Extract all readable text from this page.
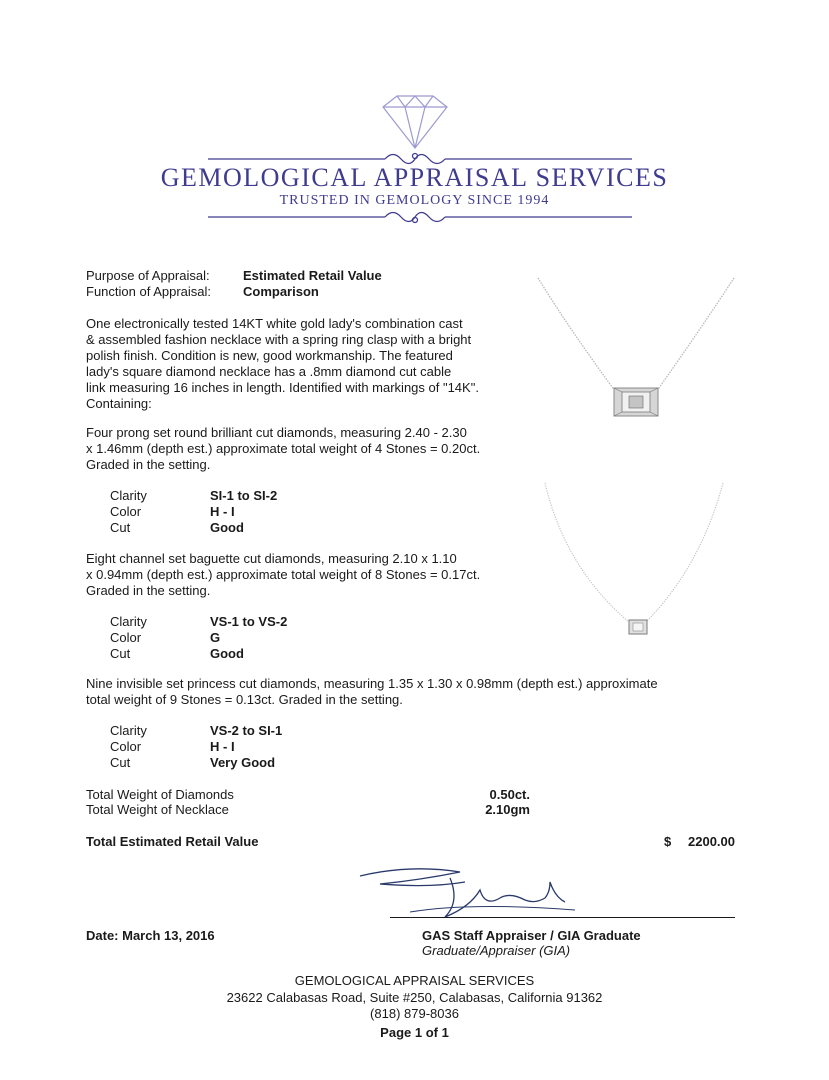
GEMOLOGICAL APPRAISAL SERVICES
TRUSTED IN GEMOLOGY SINCE 1994
Purpose of Appraisal:	Estimated Retail Value
Function of Appraisal: Comparison
One electronically tested 14KT white gold lady's combination cast
& assembled fashion necklace with a spring ring clasp with a bright
polish finish. Condition is new, good workmanship. The featured
lady's square diamond necklace has a .8mm diamond cut cable
link measuring 16 inches in length. Identified with markings of "14K".
Containing:
Four prong set round brilliant cut diamonds, measuring 2.40 - 2.30
x 1.46mm (depth est.) approximate total weight of 4 Stones = 0.20ct.
Graded in the setting.
Clarity	SI-1 to SI-2
Color	H - I
Cut	Good
Eight channel set baguette cut diamonds, measuring 2.10 x 1.10
x 0.94mm (depth est.) approximate total weight of 8 Stones = 0.17ct.
Graded in the setting.
Clarity	VS-1 to VS-2
Color	G
Cut	Good
Nine invisible set princess cut diamonds, measuring 1.35 x 1.30 x 0.98mm (depth est.) approximate
total weight of 9 Stones = 0.13ct. Graded in the setting.
Clarity	VS-2 to SI-1
Color	H - I
Cut	Very Good
Total Weight of Diamonds	0.50ct.
Total Weight of Necklace	2.10gm
Total Estimated Retail Value	$	2200.00
Date: March 13, 2016	GAS Staff Appraiser / GIA Graduate
Graduate/Appraiser (GIA)
GEMOLOGICAL APPRAISAL SERVICES
23622 Calabasas Road, Suite #250, Calabasas, California 91362
(818) 879-8036
Page 1 of 1
